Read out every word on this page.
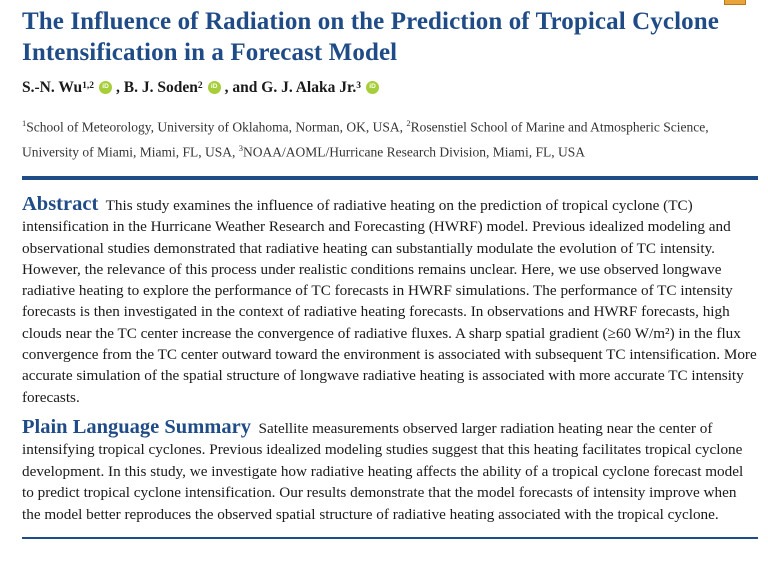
The Influence of Radiation on the Prediction of Tropical Cyclone Intensification in a Forecast Model
S.-N. Wu$^{1,2}$	iD , B. J. Soden$^2$	iD , and G. J. Alaka Jr.$^3$	iD
$^1$School of Meteorology, University of Oklahoma, Norman, OK, USA, $^2$Rosenstiel School of Marine and Atmospheric Science, University of Miami, Miami, FL, USA, $^3$NOAA/AOML/Hurricane Research Division, Miami, FL, USA
Abstract This study examines the influence of radiative heating on the prediction of tropical cyclone (TC) intensification in the Hurricane Weather Research and Forecasting (HWRF) model. Previous idealized modeling and observational studies demonstrated that radiative heating can substantially modulate the evolution of TC intensity. However, the relevance of this process under realistic conditions remains unclear. Here, we use observed longwave radiative heating to explore the performance of TC forecasts in HWRF simulations. The performance of TC intensity forecasts is then investigated in the context of radiative heating forecasts. In observations and HWRF forecasts, high clouds near the TC center increase the convergence of radiative fluxes. A sharp spatial gradient (≥60 W/m²) in the flux convergence from the TC center outward toward the environment is associated with subsequent TC intensification. More accurate simulation of the spatial structure of longwave radiative heating is associated with more accurate TC intensity forecasts.
Plain Language Summary Satellite measurements observed larger radiation heating near the center of intensifying tropical cyclones. Previous idealized modeling studies suggest that this heating facilitates tropical cyclone development. In this study, we investigate how radiative heating affects the ability of a tropical cyclone forecast model to predict tropical cyclone intensification. Our results demonstrate that the model forecasts of intensity improve when the model better reproduces the observed spatial structure of radiative heating associated with the tropical cyclone.
